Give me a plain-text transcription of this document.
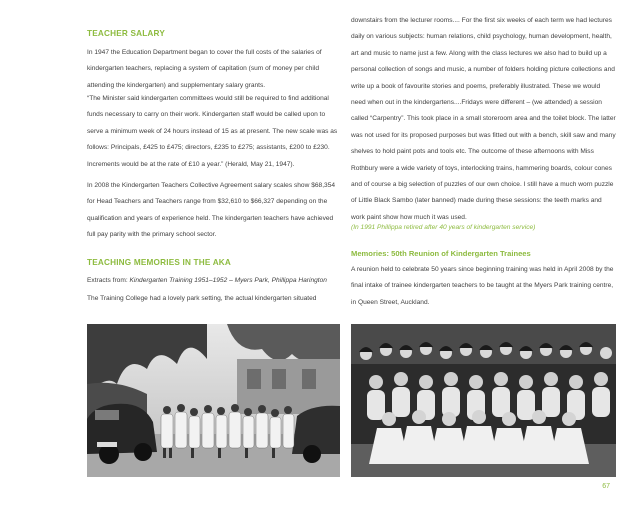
TEACHER SALARY

In 1947 the Education Department began to cover the full costs of the salaries of kindergarten teachers, replacing a system of capitation (sum of money per child attending the kindergarten) and supplementary salary grants.

“The Minister said kindergarten committees would still be required to find additional funds necessary to carry on their work. Kindergarten staff would be called upon to serve a minimum week of 24 hours instead of 15 as at present. The new scale was as follows: Principals, £425 to £475; directors, £235 to £275; assistants, £200 to £230. Increments would be at the rate of £10 a year.” (Herald, May 21, 1947).

In 2008 the Kindergarten Teachers Collective Agreement salary scales show $68,354 for Head Teachers and Teachers range from $32,610 to $66,327 depending on the qualification and years of experience held. The kindergarten teachers have achieved full pay parity with the primary school sector.

TEACHING MEMORIES IN THE AKA

Extracts from: Kindergarten Training 1951–1952 – Myers Park, Phillippa Harington

The Training College had a lovely park setting, the actual kindergarten situated

downstairs from the lecturer rooms.... For the first six weeks of each term we had lectures daily on various subjects: human relations, child psychology, human development, health, art and music to name just a few. Along with the class lectures we also had to build up a personal collection of songs and music, a number of folders holding picture collections and write up a book of favourite stories and poems, preferably illustrated. These we would need when out in the kindergartens....Fridays were different – (we attended) a session called “Carpentry”. This took place in a small storeroom area and the toilet block. The latter was not used for its proposed purposes but was fitted out with a bench, skill saw and many shelves to hold paint pots and tools etc. The outcome of these afternoons with Miss Rothbury were a wide variety of toys, interlocking trains, hammering boards, colour cones and of course a big selection of puzzles of our own choice. I still have a much worn puzzle of Little Black Sambo (later banned) made during these sessions: the teeth marks and work paint show how much it was used.

(In 1991 Phillippa retired after 40 years of kindergarten service)

Memories: 50th Reunion of Kindergarten Trainees

A reunion held to celebrate 50 years since beginning training was held in April 2008 by the final intake of trainee kindergarten teachers to be taught at the Myers Park training centre, in Queen Street, Auckland.

67
